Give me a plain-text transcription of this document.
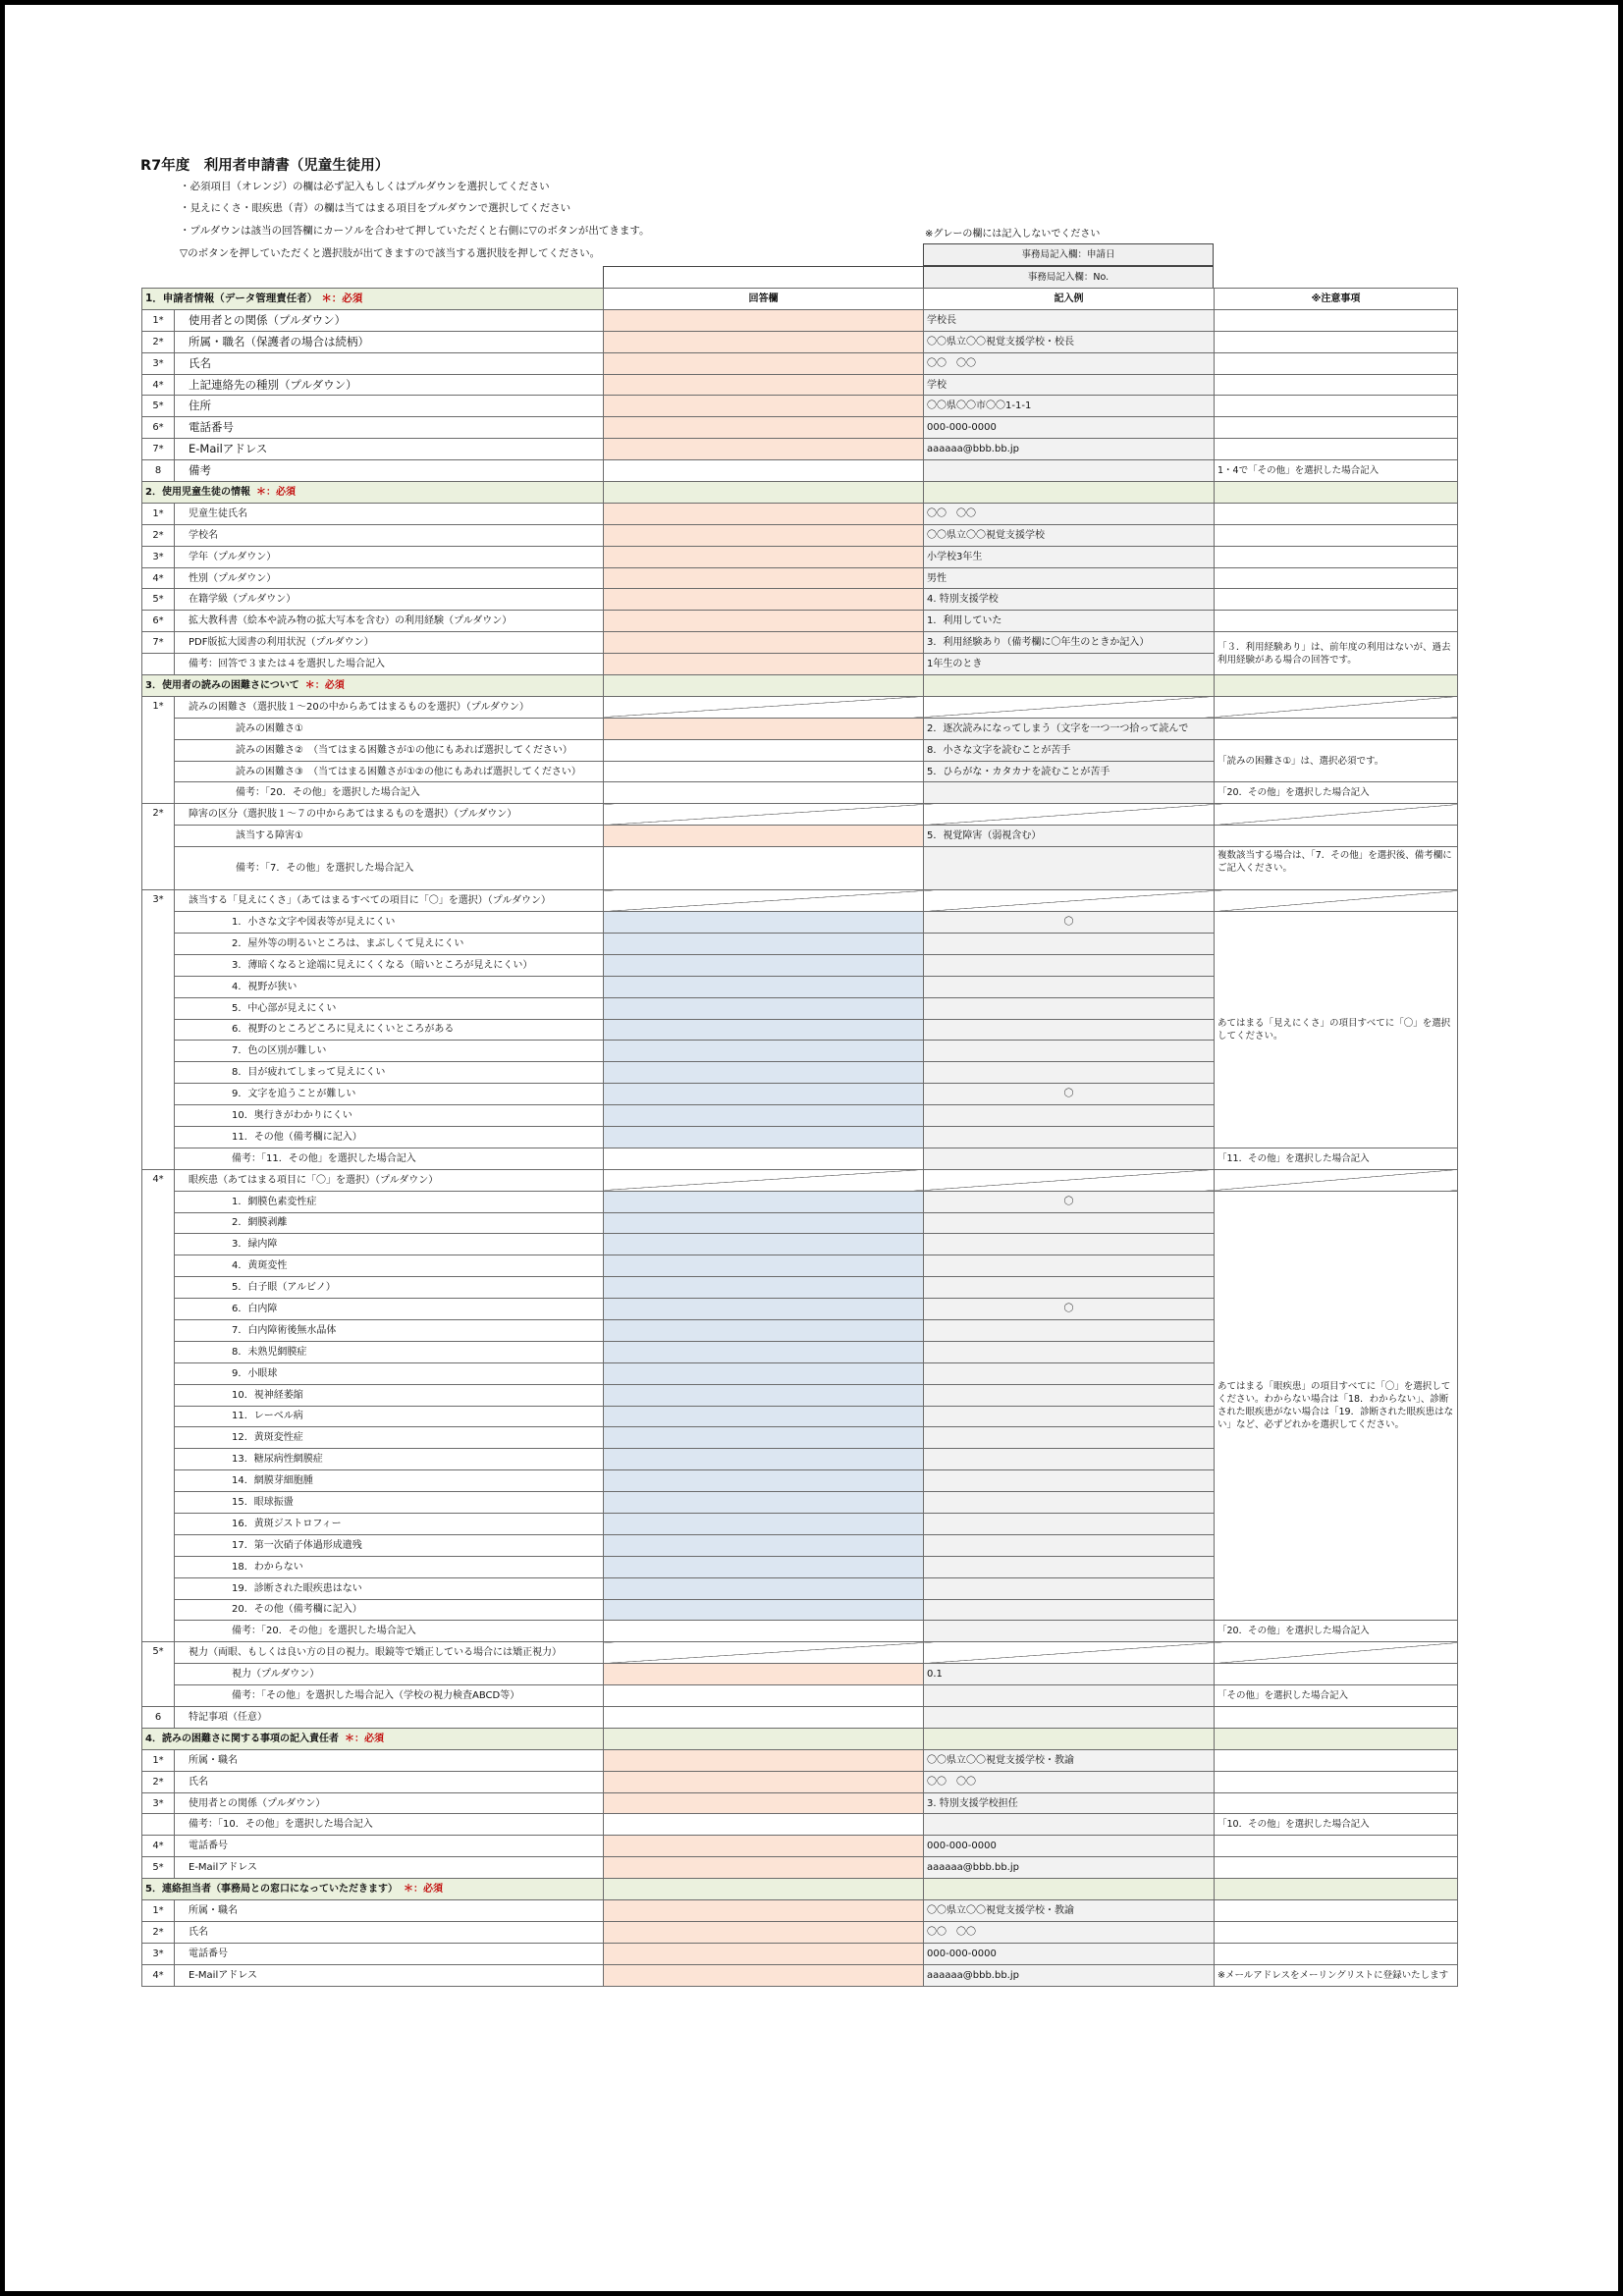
R7年度　利用者申請書（児童生徒用）
・必須項目（オレンジ）の欄は必ず記入もしくはプルダウンを選択してください
・見えにくさ・眼疾患（青）の欄は当てはまる項目をプルダウンで選択してください
・プルダウンは該当の回答欄にカーソルを合わせて押していただくと右側に▽のボタンが出てきます。
▽のボタンを押していただくと選択肢が出てきますので該当する選択肢を押してください。
※グレーの欄には記入しないでください
事務局記入欄：申請日
事務局記入欄：No.
1．申請者情報（データ管理責任者） ＊：必須		回答欄	記入例	※注意事項
1*	使用者との関係（プルダウン）		学校長	
2*	所属・職名（保護者の場合は続柄）		〇〇県立〇〇視覚支援学校・校長	
3*	氏名		〇〇　〇〇	
4*	上記連絡先の種別（プルダウン）		学校	
5*	住所		〇〇県〇〇市〇〇1-1-1	
6*	電話番号		000-000-0000	
7*	E-Mailアドレス		aaaaaa@bbb.bb.jp	
8	備考			1・4で「その他」を選択した場合記入
2．使用児童生徒の情報 ＊：必須				
1*	児童生徒氏名		〇〇　〇〇	
2*	学校名		〇〇県立〇〇視覚支援学校	
3*	学年（プルダウン）		小学校3年生	
4*	性別（プルダウン）		男性	
5*	在籍学級（プルダウン）		4. 特別支援学校	
6*	拡大教科書（絵本や読み物の拡大写本を含む）の利用経験（プルダウン）		1．利用していた	
7*	PDF版拡大図書の利用状況（プルダウン）		3．利用経験あり（備考欄に〇年生のときか記入）	「３．利用経験あり」は、前年度の利用はないが、過去利用経験がある場合の回答です。
	備考：回答で３または４を選択した場合記入		1年生のとき	
3．使用者の読みの困難さについて ＊：必須				
1*	読みの困難さ（選択肢１～20の中からあてはまるものを選択）（プルダウン）			
	読みの困難さ①		2．逐次読みになってしまう（文字を一つ一つ拾って読んで	
	読みの困難さ②　（当てはまる困難さが①の他にもあれば選択してください）		8．小さな文字を読むことが苦手	「読みの困難さ①」は、選択必須です。
	読みの困難さ③　（当てはまる困難さが①②の他にもあれば選択してください）		5．ひらがな・カタカナを読むことが苦手	
	備考：「20．その他」を選択した場合記入			「20．その他」を選択した場合記入
2*	障害の区分（選択肢１～７の中からあてはまるものを選択）（プルダウン）			
	該当する障害①		5．視覚障害（弱視含む）	
	備考：「7．その他」を選択した場合記入			複数該当する場合は、「7．その他」を選択後、備考欄にご記入ください。
3*	該当する「見えにくさ」（あてはまるすべての項目に「〇」を選択）（プルダウン）			
	1．小さな文字や図表等が見えにくい		〇	あてはまる「見えにくさ」の項目すべてに「〇」を選択してください。
	2．屋外等の明るいところは、まぶしくて見えにくい			
	3．薄暗くなると途端に見えにくくなる（暗いところが見えにくい）			
	4．視野が狭い			
	5．中心部が見えにくい			
	6．視野のところどころに見えにくいところがある			
	7．色の区別が難しい			
	8．目が疲れてしまって見えにくい			
	9．文字を追うことが難しい		〇	
	10．奥行きがわかりにくい			
	11．その他（備考欄に記入）			
	備考：「11．その他」を選択した場合記入			「11．その他」を選択した場合記入
4*	眼疾患（あてはまる項目に「〇」を選択）（プルダウン）			
	1．網膜色素変性症		〇	あてはまる「眼疾患」の項目すべてに「〇」を選択してください。わからない場合は「18．わからない」、診断された眼疾患がない場合は「19．診断された眼疾患はない」など、必ずどれかを選択してください。
	2．網膜剥離			
	3．緑内障			
	4．黄斑変性			
	5．白子眼（アルビノ）			
	6．白内障		〇	
	7．白内障術後無水晶体			
	8．未熟児網膜症			
	9．小眼球			
	10．視神経萎縮			
	11．レーベル病			
	12．黄斑変性症			
	13．糖尿病性網膜症			
	14．網膜芽細胞腫			
	15．眼球振盪			
	16．黄斑ジストロフィー			
	17．第一次硝子体過形成遺残			
	18．わからない			
	19．診断された眼疾患はない			
	20．その他（備考欄に記入）			
	備考：「20．その他」を選択した場合記入			「20．その他」を選択した場合記入
5*	視力（両眼、もしくは良い方の目の視力。眼鏡等で矯正している場合には矯正視力）			
	視力（プルダウン）		0.1	
	備考：「その他」を選択した場合記入（学校の視力検査ABCD等）			「その他」を選択した場合記入
6	特記事項（任意）			
4．読みの困難さに関する事項の記入責任者 ＊：必須				
1*	所属・職名		〇〇県立〇〇視覚支援学校・教諭	
2*	氏名		〇〇　〇〇	
3*	使用者との関係（プルダウン）		3. 特別支援学校担任	
	備考：「10．その他」を選択した場合記入			「10．その他」を選択した場合記入
4*	電話番号		000-000-0000	
5*	E-Mailアドレス		aaaaaa@bbb.bb.jp	
5．連絡担当者（事務局との窓口になっていただきます） ＊：必須				
1*	所属・職名		〇〇県立〇〇視覚支援学校・教諭	
2*	氏名		〇〇　〇〇	
3*	電話番号		000-000-0000	
4*	E-Mailアドレス		aaaaaa@bbb.bb.jp	※メールアドレスをメーリングリストに登録いたします
